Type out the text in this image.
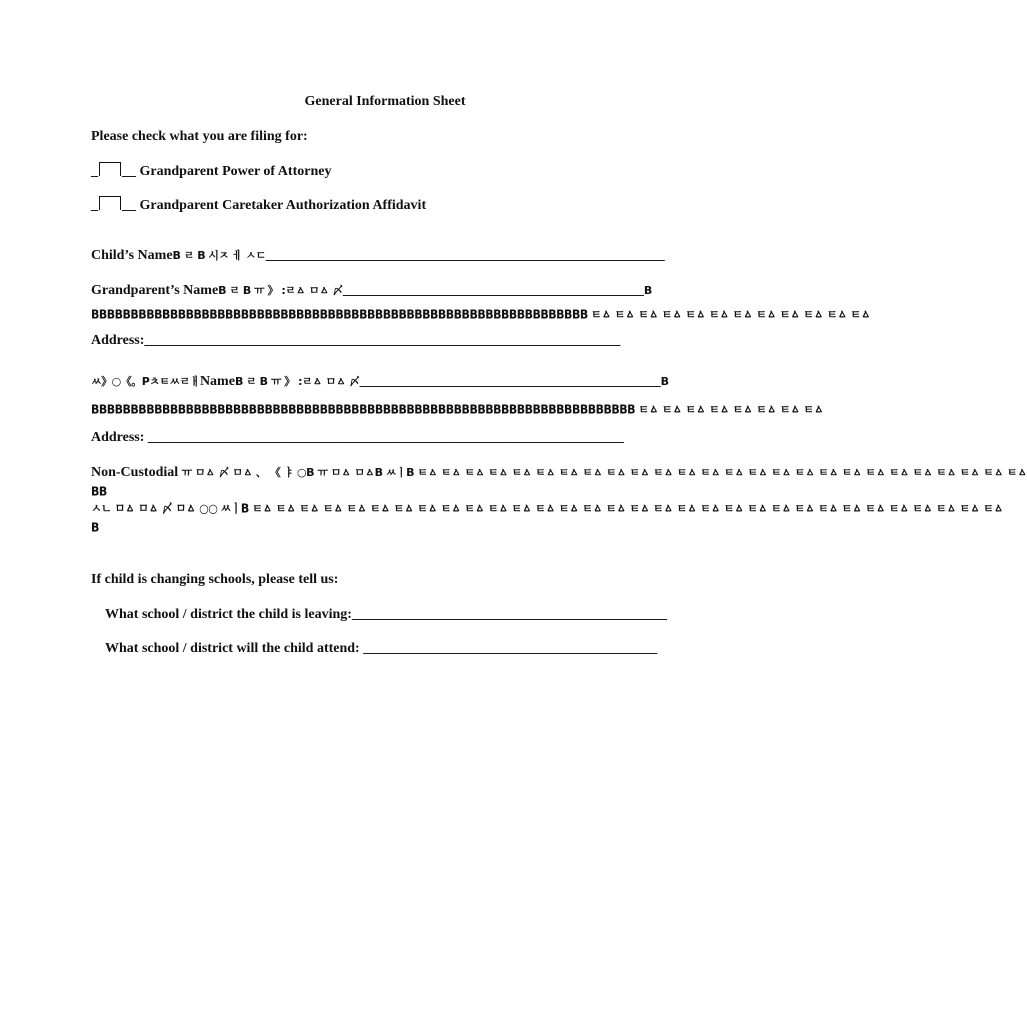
General Information Sheet
Please check what you are filing for:
_ __ Grandparent Power of Attorney
_ __ Grandparent Caretaker Authorization Affidavit
Child’s NameB ㄹ B 시ㅈ ㅔ ㅅㄷ_________________________________________________________
Grandparent’s NameB ㄹ B ㅠ 》 :ㄹㅿ ㅁㅿ 〆___________________________________________B
BBBBBBBBBBBBBBBBBBBBBBBBBBBBBBBBBBBBBBBBBBBBBBBBBBBBBBBBBBBBBBB ㅌㅿ ㅌㅿ ㅌㅿ ㅌㅿ ㅌㅿ ㅌㅿ ㅌㅿ ㅌㅿ ㅌㅿ ㅌㅿ ㅌㅿ ㅌㅿ
Address:____________________________________________________________________
ㅆ》○《。PㅊㅌㅆㄹㅐNameB ㄹ B ㅠ 》 :ㄹㅿ ㅁㅿ 〆___________________________________________B
BBBBBBBBBBBBBBBBBBBBBBBBBBBBBBBBBBBBBBBBBBBBBBBBBBBBBBBBBBBBBBBBBBBBB ㅌㅿ ㅌㅿ ㅌㅿ ㅌㅿ ㅌㅿ ㅌㅿ ㅌㅿ ㅌㅿ
Address: ____________________________________________________________________
Non-Custodial ㅠ ㅁㅿ 〆 ㅁㅿ 、 《 ㅑ ○B ㅠ ㅁㅿ ㅁㅿB ㅆㅣB ㅌㅿ ㅌㅿ ㅌㅿ ㅌㅿ ㅌㅿ ㅌㅿ ㅌㅿ ㅌㅿ ㅌㅿ ㅌㅿ ㅌㅿ ㅌㅿ ㅌㅿ ㅌㅿ ㅌㅿ ㅌㅿ ㅌㅿ ㅌㅿ ㅌㅿ ㅌㅿ ㅌㅿ ㅌㅿ ㅌㅿ ㅌㅿ ㅌㅿ ㅌㅿ
BB
ㅅㄴ ㅁㅿ ㅁㅿ 〆 ㅁㅿ ○○ ㅆㅣB ㅌㅿ ㅌㅿ ㅌㅿ ㅌㅿ ㅌㅿ ㅌㅿ ㅌㅿ ㅌㅿ ㅌㅿ ㅌㅿ ㅌㅿ ㅌㅿ ㅌㅿ ㅌㅿ ㅌㅿ ㅌㅿ ㅌㅿ ㅌㅿ ㅌㅿ ㅌㅿ ㅌㅿ ㅌㅿ ㅌㅿ ㅌㅿ ㅌㅿ ㅌㅿ ㅌㅿ ㅌㅿ ㅌㅿ ㅌㅿ ㅌㅿ ㅌㅿ
B
If child is changing schools, please tell us:
What school / district the child is leaving:_____________________________________________
What school / district will the child attend: __________________________________________
